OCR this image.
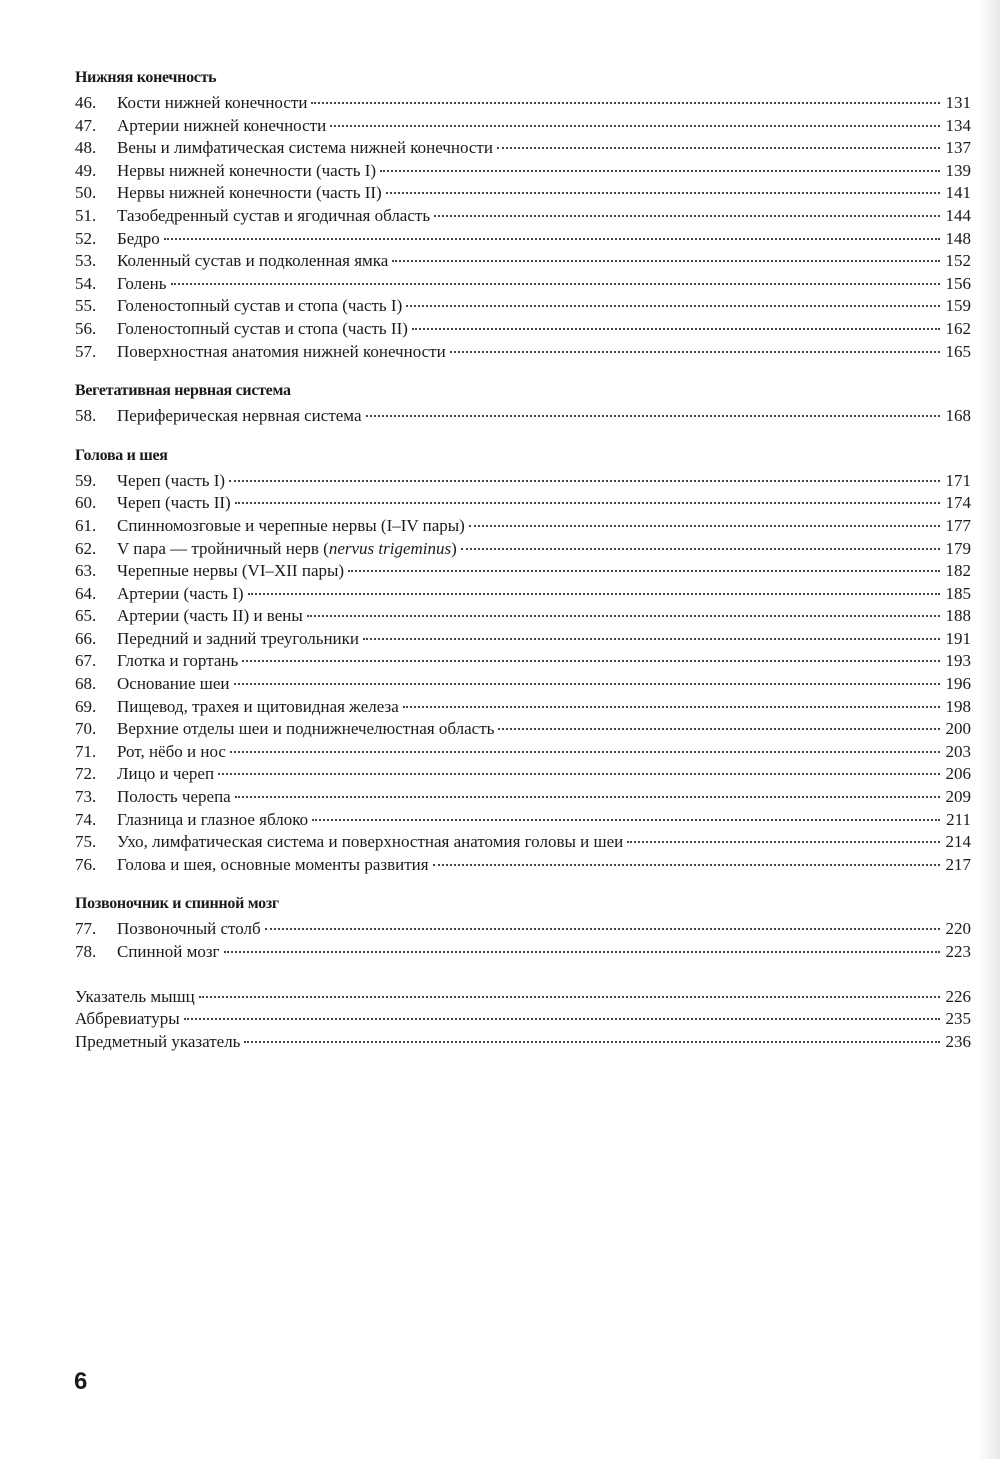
Нижняя конечность
46.	Кости нижней конечности	131
47.	Артерии нижней конечности	134
48.	Вены и лимфатическая система нижней конечности	137
49.	Нервы нижней конечности (часть I)	139
50.	Нервы нижней конечности (часть II)	141
51.	Тазобедренный сустав и ягодичная область	144
52.	Бедро	148
53.	Коленный сустав и подколенная ямка	152
54.	Голень	156
55.	Голеностопный сустав и стопа (часть I)	159
56.	Голеностопный сустав и стопа (часть II)	162
57.	Поверхностная анатомия нижней конечности	165
Вегетативная нервная система
58.	Периферическая нервная система	168
Голова и шея
59.	Череп (часть I)	171
60.	Череп (часть II)	174
61.	Спинномозговые и черепные нервы (I–IV пары)	177
62.	V пара — тройничный нерв (nervus trigeminus)	179
63.	Черепные нервы (VI–XII пары)	182
64.	Артерии (часть I)	185
65.	Артерии (часть II) и вены	188
66.	Передний и задний треугольники	191
67.	Глотка и гортань	193
68.	Основание шеи	196
69.	Пищевод, трахея и щитовидная железа	198
70.	Верхние отделы шеи и поднижнечелюстная область	200
71.	Рот, нёбо и нос	203
72.	Лицо и череп	206
73.	Полость черепа	209
74.	Глазница и глазное яблоко	211
75.	Ухо, лимфатическая система и поверхностная анатомия головы и шеи	214
76.	Голова и шея, основные моменты развития	217
Позвоночник и спинной мозг
77.	Позвоночный столб	220
78.	Спинной мозг	223
Указатель мышц	226
Аббревиатуры	235
Предметный указатель	236
6
